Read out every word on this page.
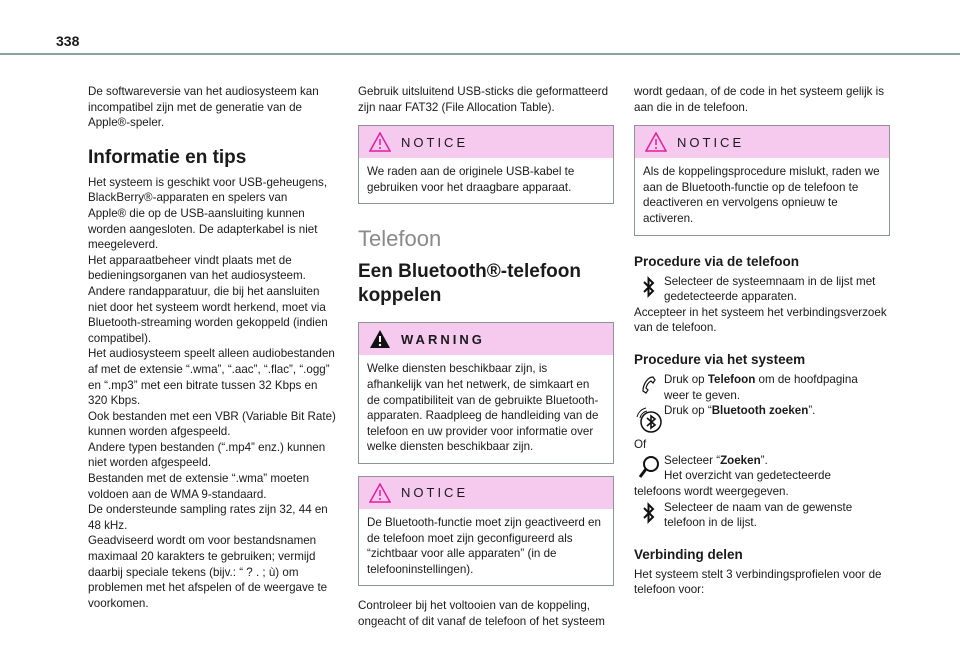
338
De softwareversie van het audiosysteem kan
incompatibel zijn met de generatie van de
Apple®-speler.
Informatie en tips
Het systeem is geschikt voor USB-geheugens,
BlackBerry®-apparaten en spelers van
Apple® die op de USB-aansluiting kunnen
worden aangesloten. De adapterkabel is niet
meegeleverd.
Het apparaatbeheer vindt plaats met de
bedieningsorganen van het audiosysteem.
Andere randapparatuur, die bij het aansluiten
niet door het systeem wordt herkend, moet via
Bluetooth-streaming worden gekoppeld (indien
compatibel).
Het audiosysteem speelt alleen audiobestanden
af met de extensie “.wma”, “.aac”, “.flac”, “.ogg”
en “.mp3” met een bitrate tussen 32 Kbps en
320 Kbps.
Ook bestanden met een VBR (Variable Bit Rate)
kunnen worden afgespeeld.
Andere typen bestanden (“.mp4” enz.) kunnen
niet worden afgespeeld.
Bestanden met de extensie “.wma” moeten
voldoen aan de WMA 9-standaard.
De ondersteunde sampling rates zijn 32, 44 en
48 kHz.
Geadviseerd wordt om voor bestandsnamen
maximaal 20 karakters te gebruiken; vermijd
daarbij speciale tekens (bijv.: “ ? . ; ù) om
problemen met het afspelen of de weergave te
voorkomen.
Gebruik uitsluitend USB-sticks die geformatteerd
zijn naar FAT32 (File Allocation Table).
NOTICE
We raden aan de originele USB-kabel te
gebruiken voor het draagbare apparaat.
Telefoon
Een Bluetooth®-telefoon
koppelen
WARNING
Welke diensten beschikbaar zijn, is
afhankelijk van het netwerk, de simkaart en
de compatibiliteit van de gebruikte Bluetooth-
apparaten. Raadpleeg de handleiding van de
telefoon en uw provider voor informatie over
welke diensten beschikbaar zijn.
NOTICE
De Bluetooth-functie moet zijn geactiveerd en
de telefoon moet zijn geconfigureerd als
“zichtbaar voor alle apparaten” (in de
telefooninstellingen).
Controleer bij het voltooien van de koppeling,
ongeacht of dit vanaf de telefoon of het systeem
wordt gedaan, of de code in het systeem gelijk is
aan die in de telefoon.
NOTICE
Als de koppelingsprocedure mislukt, raden we
aan de Bluetooth-functie op de telefoon te
deactiveren en vervolgens opnieuw te
activeren.
Procedure via de telefoon
Selecteer de systeemnaam in de lijst met
gedetecteerde apparaten.
Accepteer in het systeem het verbindingsverzoek
van de telefoon.
Procedure via het systeem
Druk op Telefoon om de hoofdpagina
weer te geven.
Druk op “Bluetooth zoeken”.
Of
Selecteer “Zoeken”.
Het overzicht van gedetecteerde
telefoons wordt weergegeven.
Selecteer de naam van de gewenste
telefoon in de lijst.
Verbinding delen
Het systeem stelt 3 verbindingsprofielen voor de
telefoon voor:
